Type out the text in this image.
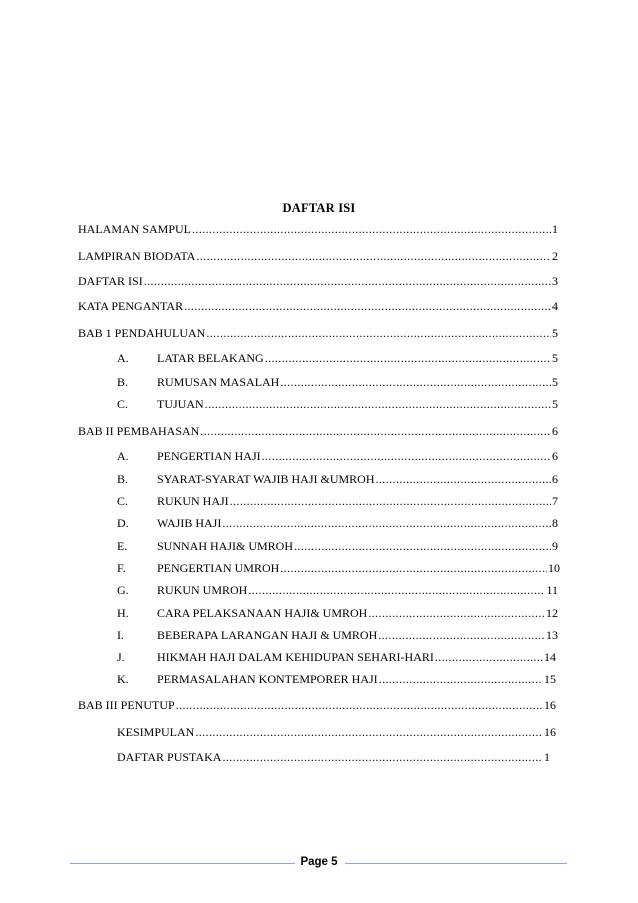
DAFTAR ISI
HALAMAN SAMPUL .....	1
LAMPIRAN BIODATA .....	2
DAFTAR ISI .....	3
KATA PENGANTAR .....	4
BAB 1 PENDAHULUAN .....	5
A.	LATAR BELAKANG .....	5
B.	RUMUSAN MASALAH .....	5
C.	TUJUAN .....	5
BAB II PEMBAHASAN .....	6
A.	PENGERTIAN HAJI .....	6
B.	SYARAT-SYARAT WAJIB HAJI &UMROH .....	6
C.	RUKUN HAJI .....	7
D.	WAJIB HAJI .....	8
E.	SUNNAH HAJI& UMROH .....	9
F.	PENGERTIAN UMROH .....	10
G.	RUKUN UMROH .....	11
H.	CARA PELAKSANAAN HAJI& UMROH .....	12
I.	BEBERAPA LARANGAN HAJI & UMROH .....	13
J.	HIKMAH HAJI DALAM KEHIDUPAN SEHARI-HARI .....	14
K.	PERMASALAHAN KONTEMPORER HAJI .....	15
BAB III PENUTUP .....	16
KESIMPULAN .....	16
DAFTAR PUSTAKA .....	1
Page 5
